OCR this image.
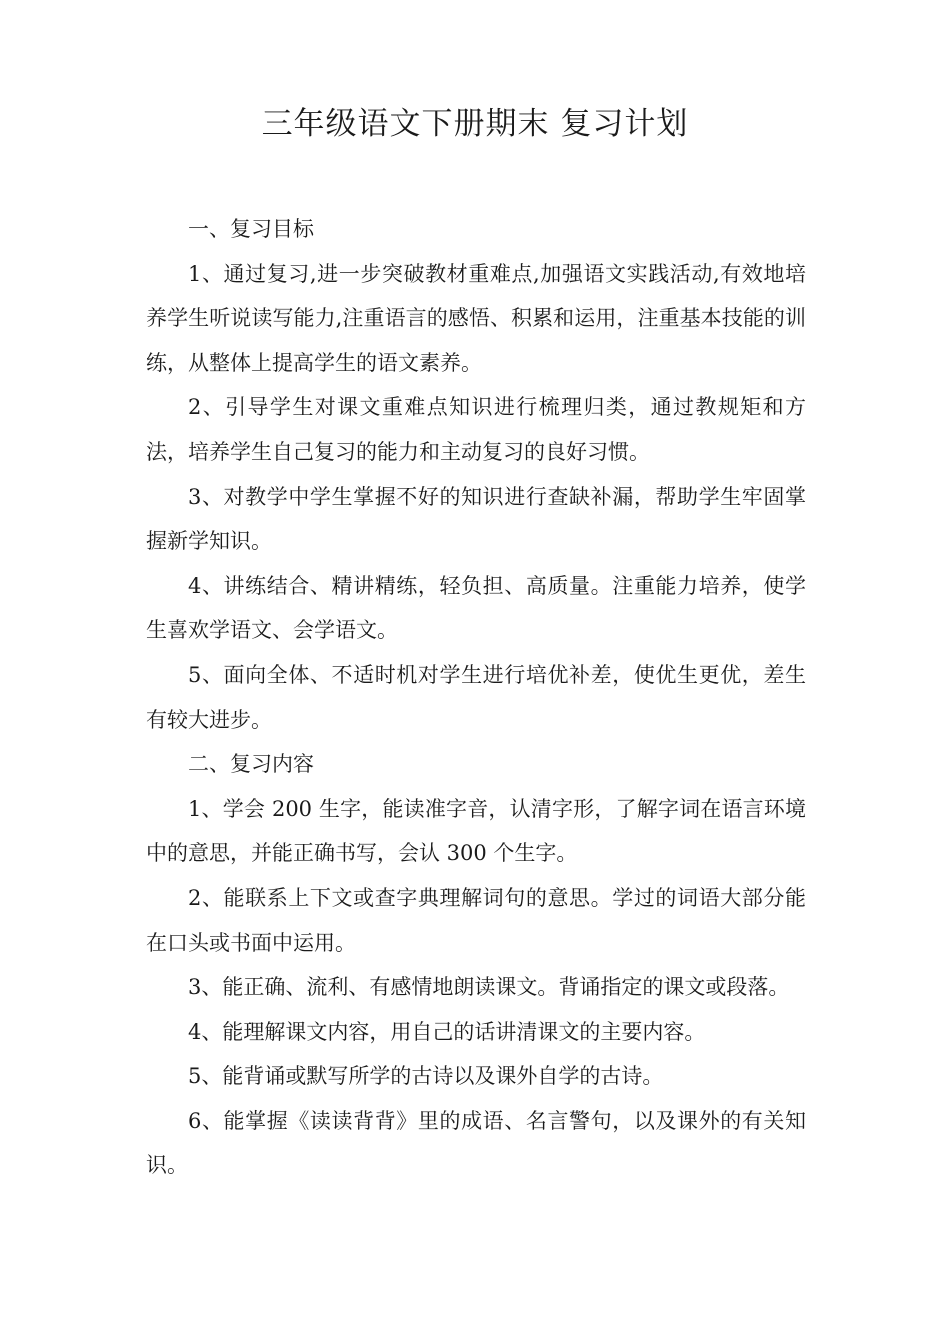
三年级语文下册期末 复习计划

一、复习目标

1、通过复习,进一步突破教材重难点,加强语文实践活动,有效地培养学生听说读写能力,注重语言的感悟、积累和运用，注重基本技能的训练，从整体上提高学生的语文素养。

2、引导学生对课文重难点知识进行梳理归类，通过教规矩和方法，培养学生自己复习的能力和主动复习的良好习惯。

3、对教学中学生掌握不好的知识进行查缺补漏，帮助学生牢固掌握新学知识。

4、讲练结合、精讲精练，轻负担、高质量。注重能力培养，使学生喜欢学语文、会学语文。

5、面向全体、不适时机对学生进行培优补差，使优生更优，差生有较大进步。

二、复习内容

1、学会 200 生字，能读准字音，认清字形，了解字词在语言环境中的意思，并能正确书写，会认 300 个生字。

2、能联系上下文或查字典理解词句的意思。学过的词语大部分能在口头或书面中运用。

3、能正确、流利、有感情地朗读课文。背诵指定的课文或段落。

4、能理解课文内容，用自己的话讲清课文的主要内容。

5、能背诵或默写所学的古诗以及课外自学的古诗。

6、能掌握《读读背背》里的成语、名言警句，以及课外的有关知识。
